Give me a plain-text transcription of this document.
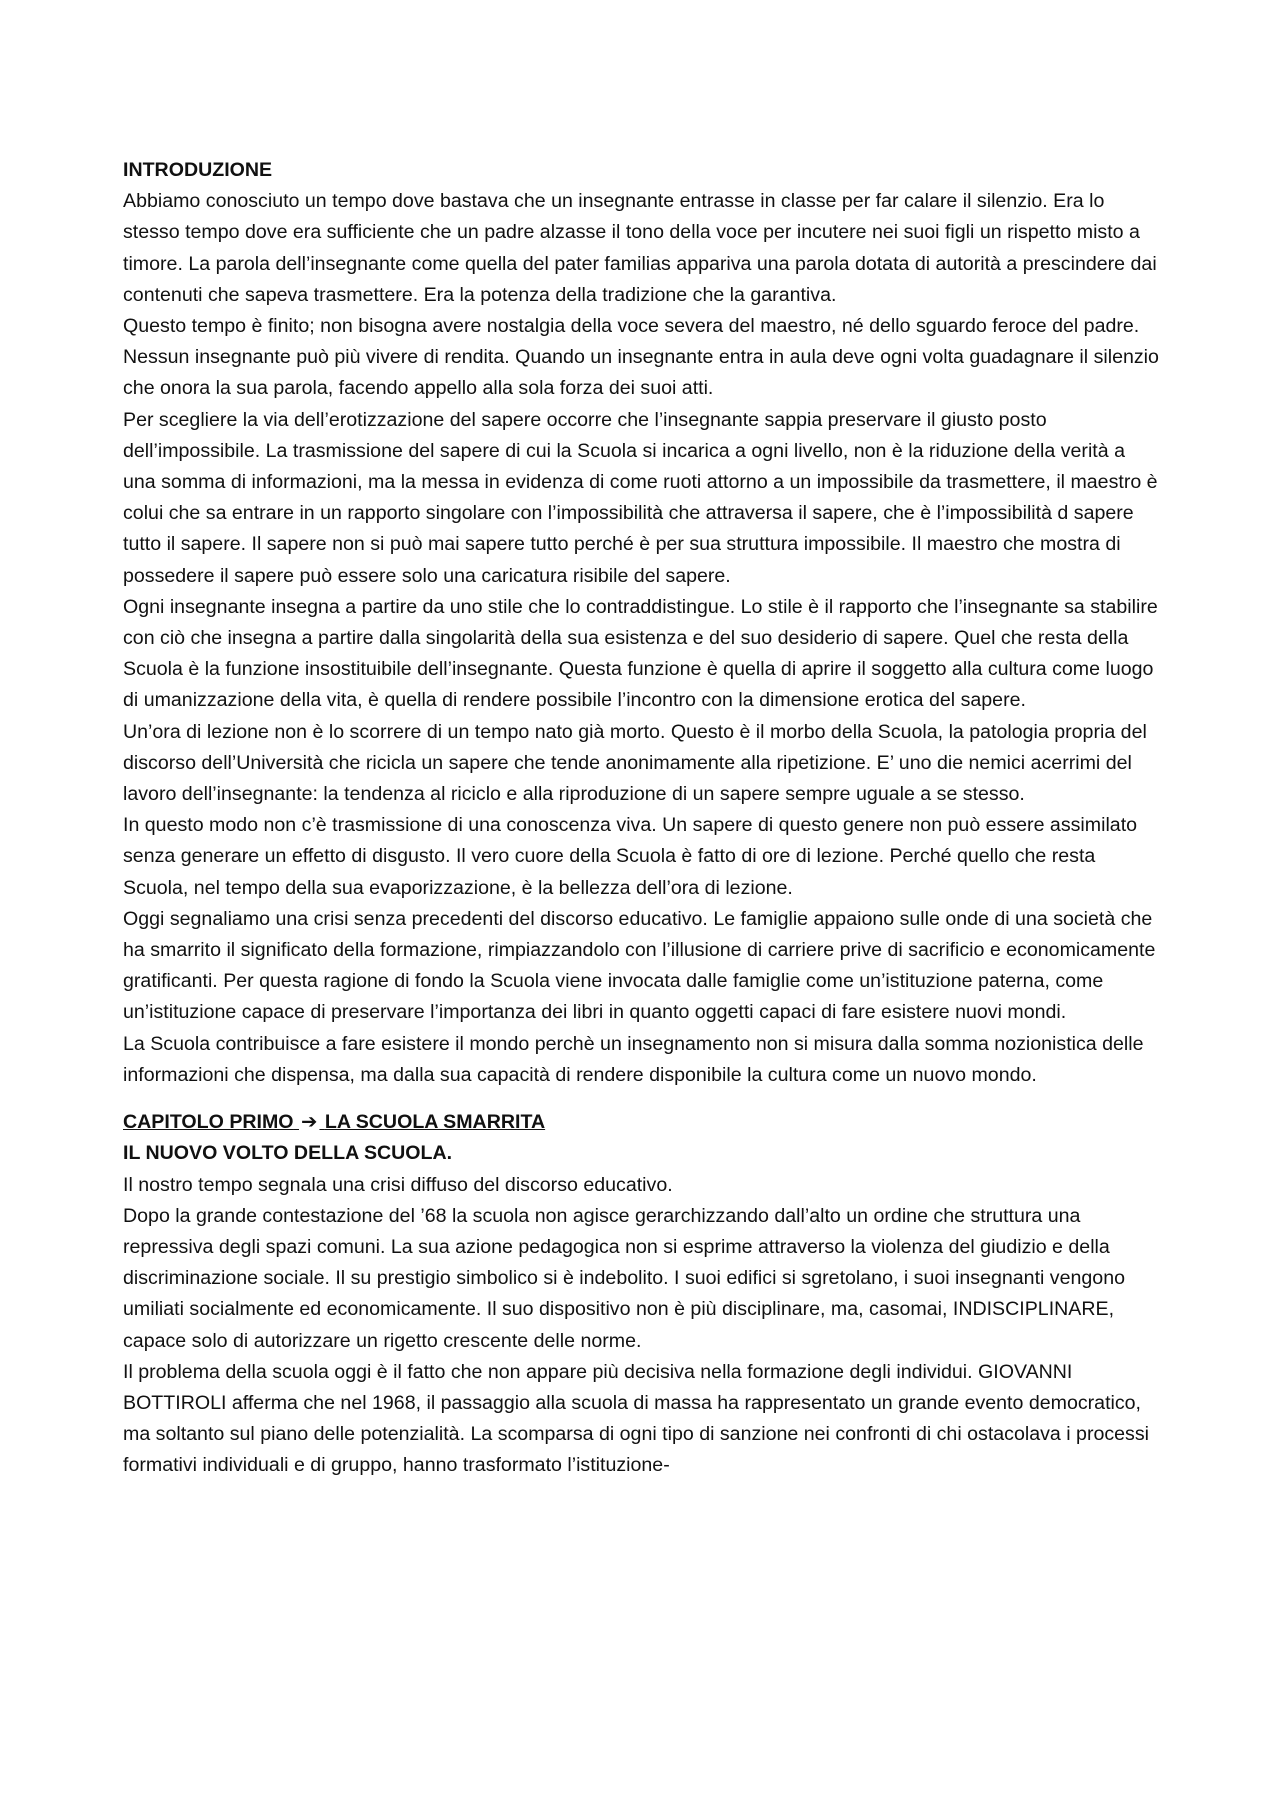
INTRODUZIONE

Abbiamo conosciuto un tempo dove bastava che un insegnante entrasse in classe per far calare il silenzio. Era lo stesso tempo dove era sufficiente che un padre alzasse il tono della voce per incutere nei suoi figli un rispetto misto a timore. La parola dell’insegnante come quella del pater familias appariva una parola dotata di autorità a prescindere dai contenuti che sapeva trasmettere. Era la potenza della tradizione che la garantiva.

Questo tempo è finito; non bisogna avere nostalgia della voce severa del maestro, né dello sguardo feroce del padre. Nessun insegnante può più vivere di rendita. Quando un insegnante entra in aula deve ogni volta guadagnare il silenzio che onora la sua parola, facendo appello alla sola forza dei suoi atti.

Per scegliere la via dell’erotizzazione del sapere occorre che l’insegnante sappia preservare il giusto posto dell’impossibile. La trasmissione del sapere di cui la Scuola si incarica a ogni livello, non è la riduzione della verità a una somma di informazioni, ma la messa in evidenza di come ruoti attorno a un impossibile da trasmettere, il maestro è colui che sa entrare in un rapporto singolare con l’impossibilità che attraversa il sapere, che è l’impossibilità d sapere tutto il sapere. Il sapere non si può mai sapere tutto perché è per sua struttura impossibile. Il maestro che mostra di possedere il sapere può essere solo una caricatura risibile del sapere.

Ogni insegnante insegna a partire da uno stile che lo contraddistingue. Lo stile è il rapporto che l’insegnante sa stabilire con ciò che insegna a partire dalla singolarità della sua esistenza e del suo desiderio di sapere. Quel che resta della Scuola è la funzione insostituibile dell’insegnante. Questa funzione è quella di aprire il soggetto alla cultura come luogo di umanizzazione della vita, è quella di rendere possibile l’incontro con la dimensione erotica del sapere.

Un’ora di lezione non è lo scorrere di un tempo nato già morto. Questo è il morbo della Scuola, la patologia propria del discorso dell’Università che ricicla un sapere che tende anonimamente alla ripetizione. E’ uno die nemici acerrimi del lavoro dell’insegnante: la tendenza al riciclo e alla riproduzione di un sapere sempre uguale a se stesso.

In questo modo non c’è trasmissione di una conoscenza viva. Un sapere di questo genere non può essere assimilato senza generare un effetto di disgusto. Il vero cuore della Scuola è fatto di ore di lezione. Perché quello che resta Scuola, nel tempo della sua evaporizzazione, è la bellezza dell’ora di lezione.

Oggi segnaliamo una crisi senza precedenti del discorso educativo. Le famiglie appaiono sulle onde di una società che ha smarrito il significato della formazione, rimpiazzandolo con l’illusione di carriere prive di sacrificio e economicamente gratificanti. Per questa ragione di fondo la Scuola viene invocata dalle famiglie come un’istituzione paterna, come un’istituzione capace di preservare l’importanza dei libri in quanto oggetti capaci di fare esistere nuovi mondi.

La Scuola contribuisce a fare esistere il mondo perchè un insegnamento non si misura dalla somma nozionistica delle informazioni che dispensa, ma dalla sua capacità di rendere disponibile la cultura come un nuovo mondo.

CAPITOLO PRIMO ➔ LA SCUOLA SMARRITA

IL NUOVO VOLTO DELLA SCUOLA.

Il nostro tempo segnala una crisi diffuso del discorso educativo.

Dopo la grande contestazione del ’68 la scuola non agisce gerarchizzando dall’alto un ordine che struttura una repressiva degli spazi comuni. La sua azione pedagogica non si esprime attraverso la violenza del giudizio e della discriminazione sociale. Il su prestigio simbolico si è indebolito. I suoi edifici si sgretolano, i suoi insegnanti vengono umiliati socialmente ed economicamente. Il suo dispositivo non è più disciplinare, ma, casomai, INDISCIPLINARE, capace solo di autorizzare un rigetto crescente delle norme.

Il problema della scuola oggi è il fatto che non appare più decisiva nella formazione degli individui. GIOVANNI BOTTIROLI afferma che nel 1968, il passaggio alla scuola di massa ha rappresentato un grande evento democratico, ma soltanto sul piano delle potenzialità. La scomparsa di ogni tipo di sanzione nei confronti di chi ostacolava i processi formativi individuali e di gruppo, hanno trasformato l’istituzione-
